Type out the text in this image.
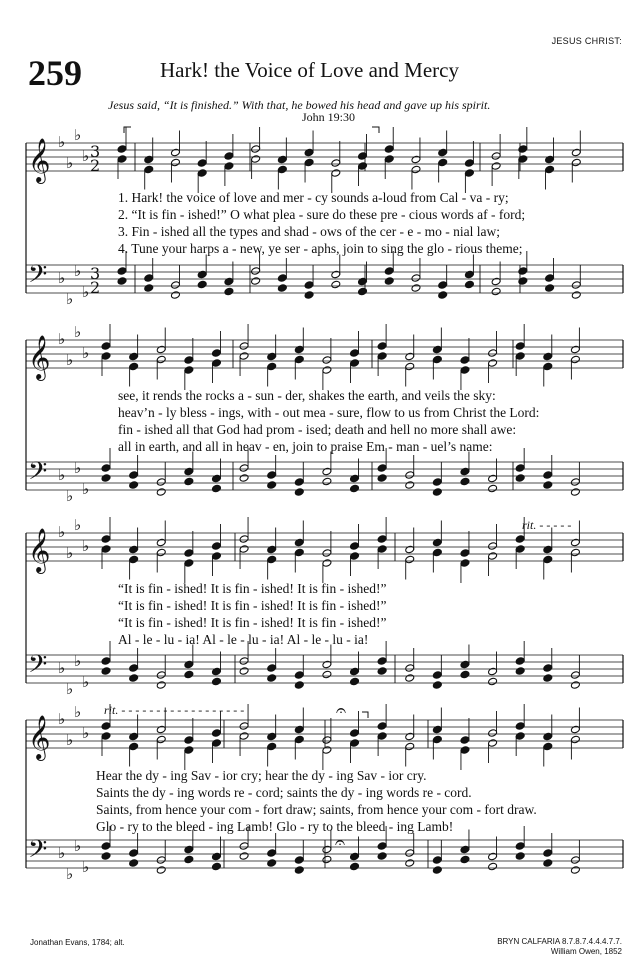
JESUS CHRIST:
259	Hark! the Voice of Love and Mercy
Jesus said, “It is finished.” With that, he bowed his head and gave up his spirit.
John 19:30
𝄞 ♭
♭
♭
♭
𝄢 ♭
♭
♭
♭
3
2
3
2
𝄞 ♭
♭
♭
♭
𝄢 ♭
♭
♭
♭
𝄞 ♭
♭
♭
♭
𝄢 ♭
♭
♭
♭
𝄞 ♭
♭
♭
♭
𝄢 ♭
♭
♭
♭
𝄐
𝄐
rit. - - - - -
rit. - - - - - - - - - - - - - - - - - -
1. Hark! the voice of love and mer - cy sounds a-loud from Cal - va - ry;
2. “It is fin - ished!” O what plea - sure do these pre - cious words af - ford;
3. Fin - ished all the types and shad - ows of the cer - e - mo - nial law;
4. Tune your harps a - new, ye ser - aphs, join to sing the glo - rious theme;
see, it rends the rocks a - sun - der, shakes the earth, and veils the sky:
heav’n - ly bless - ings, with - out mea - sure, flow to us from Christ the Lord:
fin - ished all that God had prom - ised; death and hell no more shall awe:
all in earth, and all in heav - en, join to praise Em - man - uel’s name:
“It is fin - ished! It is fin - ished! It is fin - ished!”
“It is fin - ished! It is fin - ished! It is fin - ished!”
“It is fin - ished! It is fin - ished! It is fin - ished!”
Al - le - lu - ia! Al - le - lu - ia! Al - le - lu - ia!
Hear the dy - ing Sav - ior cry; hear the dy - ing Sav - ior cry.
Saints the dy - ing words re - cord; saints the dy - ing words re - cord.
Saints, from hence your com - fort draw; saints, from hence your com - fort draw.
Glo - ry to the bleed - ing Lamb! Glo - ry to the bleed - ing Lamb!
Jonathan Evans, 1784; alt.	BRYN CALFARIA 8.7.8.7.4.4.4.7.7.
William Owen, 1852
